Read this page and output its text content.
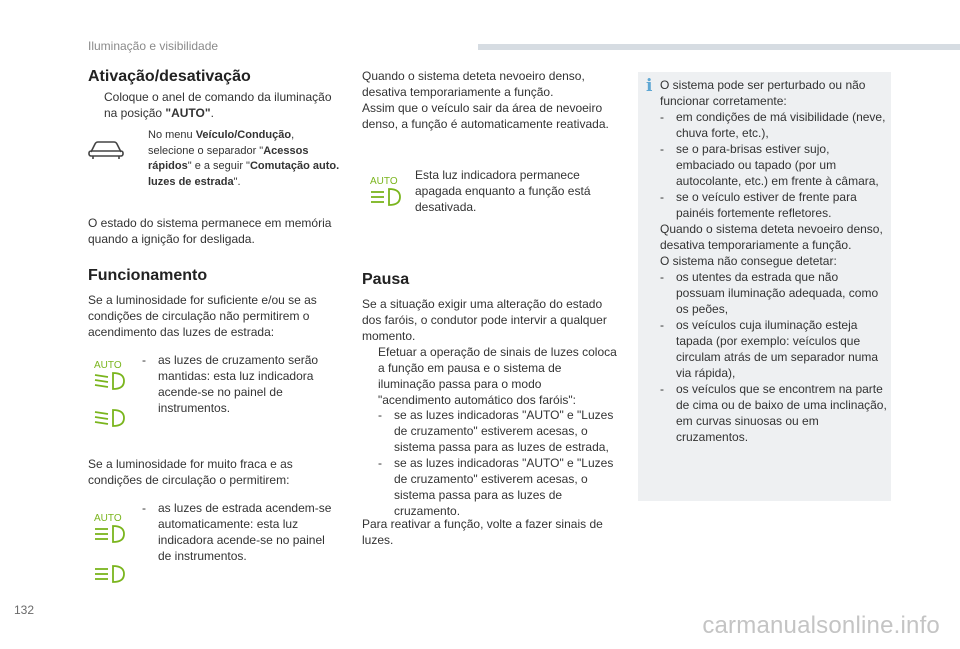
Iluminação e visibilidade
Ativação/desativação
Coloque o anel de comando da iluminação na posição "AUTO".
No menu Veículo/Condução, selecione o separador "Acessos rápidos" e a seguir "Comutação auto. luzes de estrada".
O estado do sistema permanece em memória quando a ignição for desligada.
Funcionamento
Se a luminosidade for suficiente e/ou se as condições de circulação não permitirem o acendimento das luzes de estrada:
AUTO -	as luzes de cruzamento serão mantidas: esta luz indicadora acende-se no painel de instrumentos.
Se a luminosidade for muito fraca e as condições de circulação o permitirem:
AUTO
-	as luzes de estrada acendem-se automaticamente: esta luz indicadora acende-se no painel de instrumentos.
Quando o sistema deteta nevoeiro denso, desativa temporariamente a função.
Assim que o veículo sair da área de nevoeiro denso, a função é automaticamente reativada.
AUTO Esta luz indicadora permanece apagada enquanto a função está desativada.
Pausa
Se a situação exigir uma alteração do estado dos faróis, o condutor pode intervir a qualquer momento.
Efetuar a operação de sinais de luzes coloca a função em pausa e o sistema de iluminação passa para o modo "acendimento automático dos faróis":
-	se as luzes indicadoras "AUTO" e "Luzes de cruzamento" estiverem acesas, o sistema passa para as luzes de estrada,
-	se as luzes indicadoras "AUTO" e "Luzes de cruzamento" estiverem acesas, o sistema passa para as luzes de cruzamento.
Para reativar a função, volte a fazer sinais de luzes.
i O sistema pode ser perturbado ou não funcionar corretamente:
-	em condições de má visibilidade (neve, chuva forte, etc.),
-	se o para-brisas estiver sujo, embaciado ou tapado (por um autocolante, etc.) em frente à câmara,
-	se o veículo estiver de frente para painéis fortemente refletores.
Quando o sistema deteta nevoeiro denso, desativa temporariamente a função.
O sistema não consegue detetar:
-	os utentes da estrada que não possuam iluminação adequada, como os peões,
-	os veículos cuja iluminação esteja tapada (por exemplo: veículos que circulam atrás de um separador numa via rápida),
-	os veículos que se encontrem na parte de cima ou de baixo de uma inclinação, em curvas sinuosas ou em cruzamentos.
132
carmanualsonline.info
